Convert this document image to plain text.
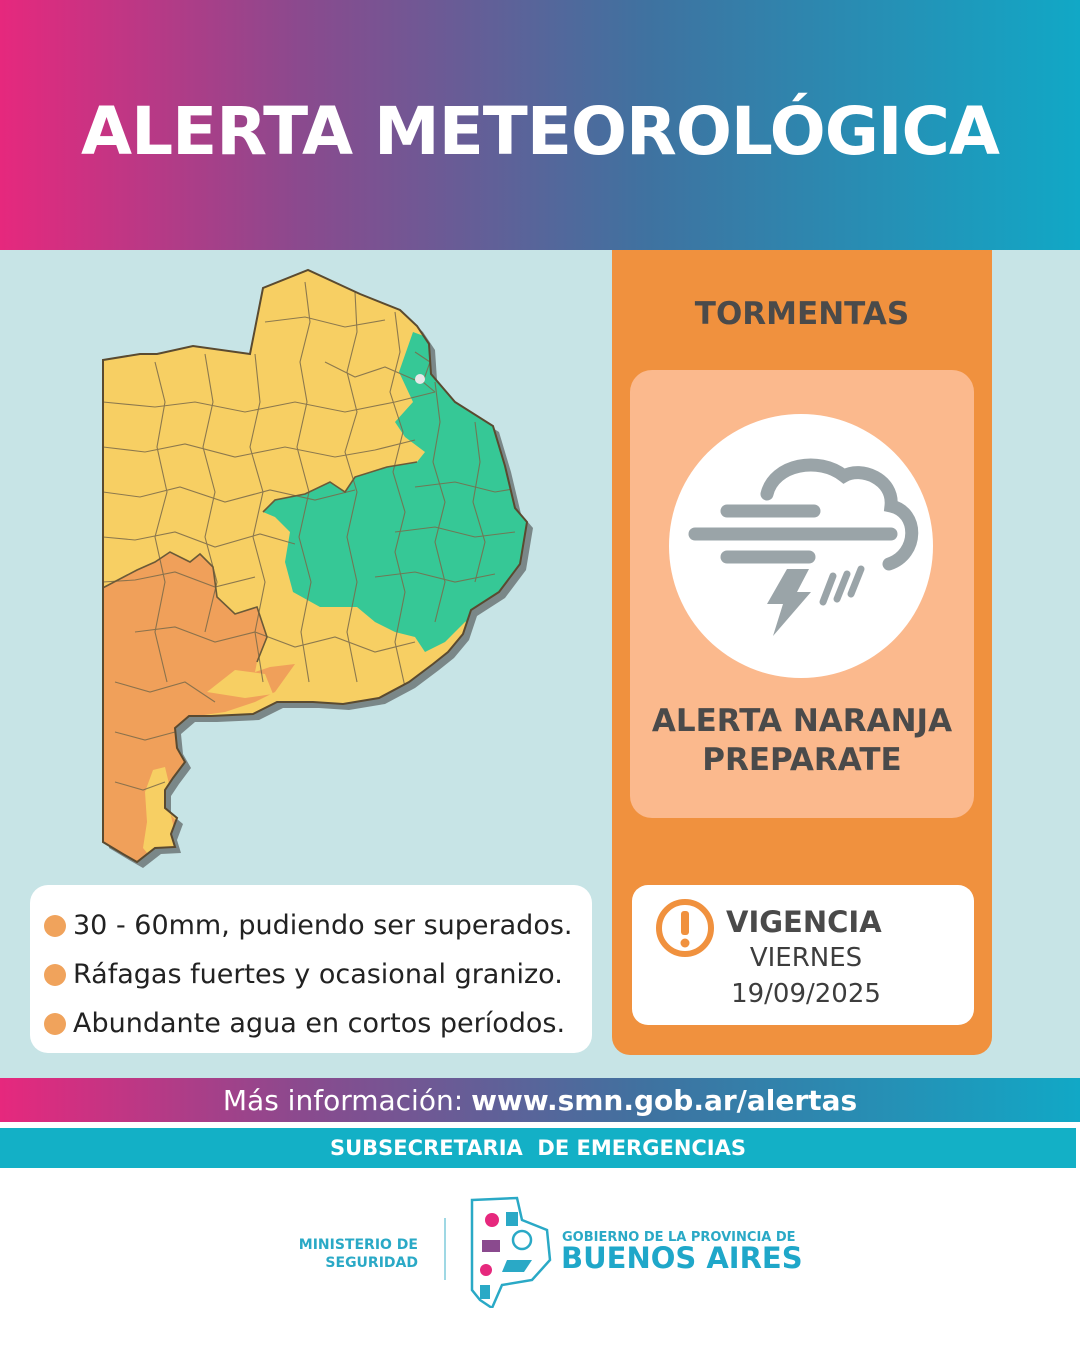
ALERTA METEOROLÓGICA
30 - 60mm, pudiendo ser superados.
Ráfagas fuertes y ocasional granizo.
Abundante agua en cortos períodos.
TORMENTAS
ALERTA NARANJA
PREPARATE
VIGENCIA
VIERNES
19/09/2025
Más información: www.smn.gob.ar/alertas
SUBSECRETARIA  DE EMERGENCIAS
MINISTERIO DE
SEGURIDAD
GOBIERNO DE LA PROVINCIA DE
BUENOS AIRES
